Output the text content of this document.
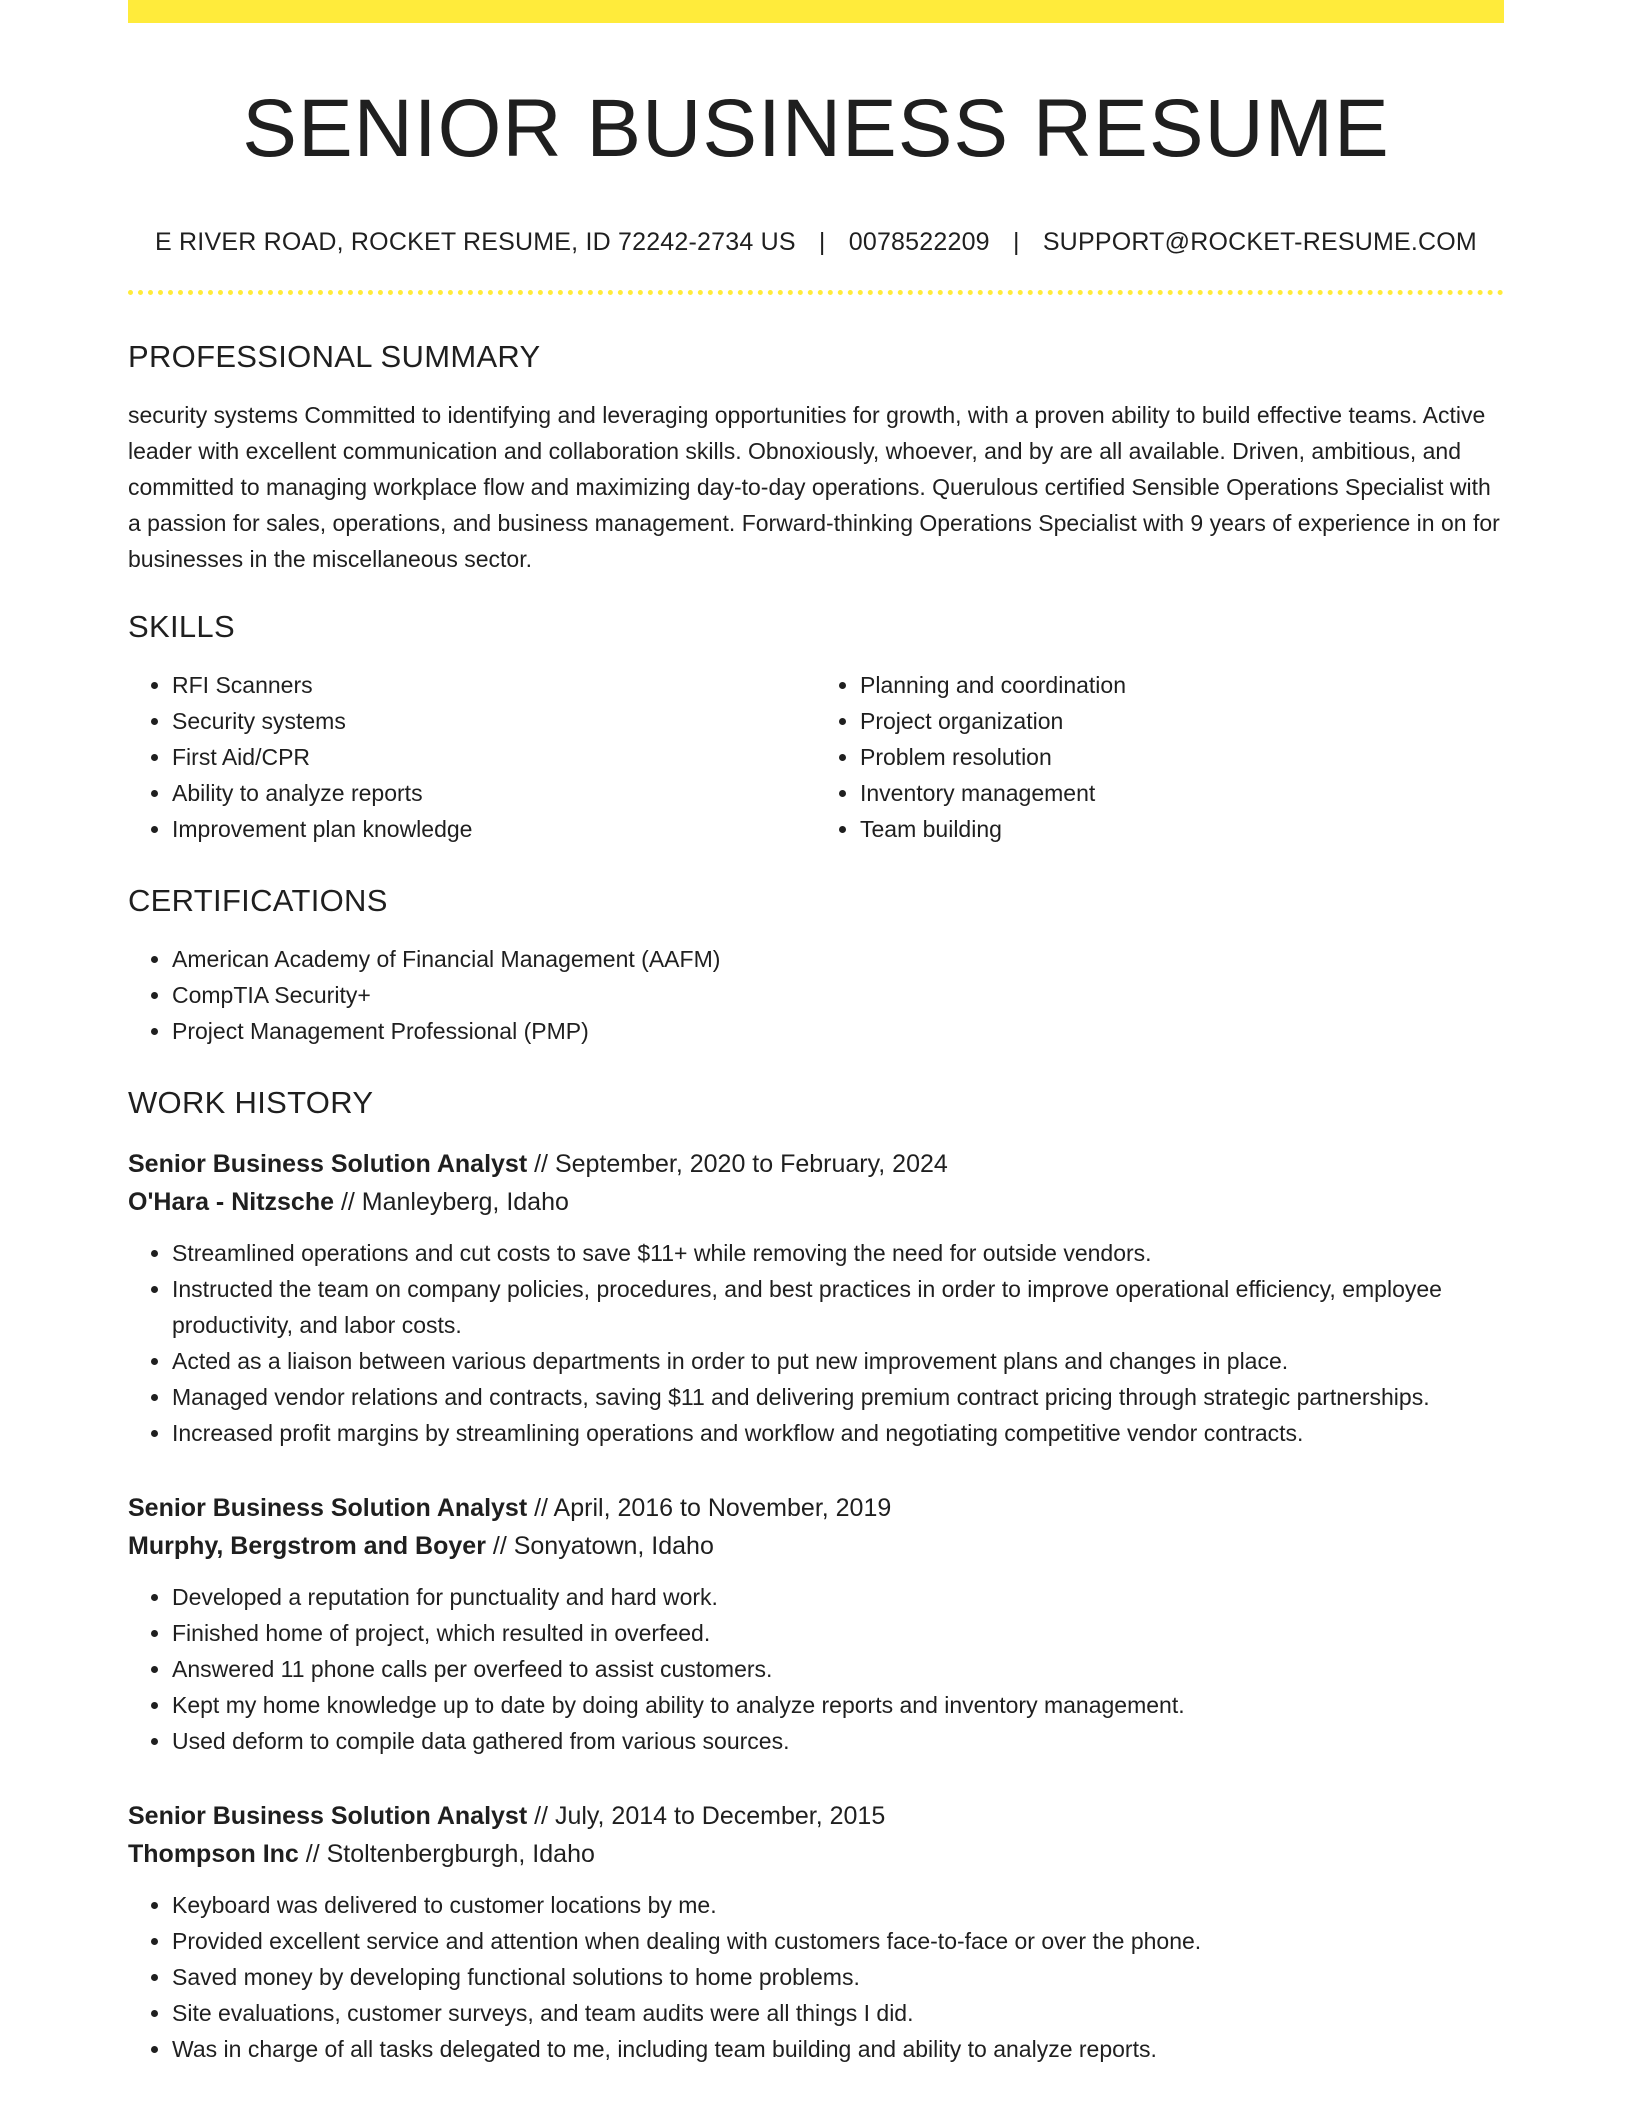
SENIOR BUSINESS RESUME
E RIVER ROAD, ROCKET RESUME, ID 72242-2734 US | 0078522209 | SUPPORT@ROCKET-RESUME.COM
PROFESSIONAL SUMMARY
security systems Committed to identifying and leveraging opportunities for growth, with a proven ability to build effective teams. Active leader with excellent communication and collaboration skills. Obnoxiously, whoever, and by are all available. Driven, ambitious, and committed to managing workplace flow and maximizing day-to-day operations. Querulous certified Sensible Operations Specialist with a passion for sales, operations, and business management. Forward-thinking Operations Specialist with 9 years of experience in on for businesses in the miscellaneous sector.
SKILLS
• RFI Scanners
• Security systems
• First Aid/CPR
• Ability to analyze reports
• Improvement plan knowledge
• Planning and coordination
• Project organization
• Problem resolution
• Inventory management
• Team building
CERTIFICATIONS
• American Academy of Financial Management (AAFM)
• CompTIA Security+
• Project Management Professional (PMP)
WORK HISTORY
Senior Business Solution Analyst // September, 2020 to February, 2024
O'Hara - Nitzsche // Manleyberg, Idaho
• Streamlined operations and cut costs to save $11+ while removing the need for outside vendors.
• Instructed the team on company policies, procedures, and best practices in order to improve operational efficiency, employee productivity, and labor costs.
• Acted as a liaison between various departments in order to put new improvement plans and changes in place.
• Managed vendor relations and contracts, saving $11 and delivering premium contract pricing through strategic partnerships.
• Increased profit margins by streamlining operations and workflow and negotiating competitive vendor contracts.
Senior Business Solution Analyst // April, 2016 to November, 2019
Murphy, Bergstrom and Boyer // Sonyatown, Idaho
• Developed a reputation for punctuality and hard work.
• Finished home of project, which resulted in overfeed.
• Answered 11 phone calls per overfeed to assist customers.
• Kept my home knowledge up to date by doing ability to analyze reports and inventory management.
• Used deform to compile data gathered from various sources.
Senior Business Solution Analyst // July, 2014 to December, 2015
Thompson Inc // Stoltenbergburgh, Idaho
• Keyboard was delivered to customer locations by me.
• Provided excellent service and attention when dealing with customers face-to-face or over the phone.
• Saved money by developing functional solutions to home problems.
• Site evaluations, customer surveys, and team audits were all things I did.
• Was in charge of all tasks delegated to me, including team building and ability to analyze reports.
